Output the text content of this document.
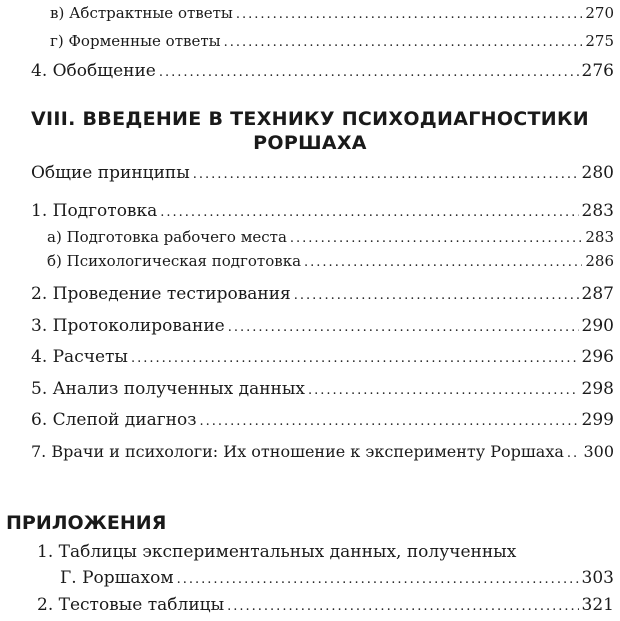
в) Абстрактные ответы .....	270
г) Форменные ответы .....	275
4. Обобщение .....	276
VIII. ВВЕДЕНИЕ В ТЕХНИКУ ПСИХОДИАГНОСТИКИ
РОРШАХА
Общие принципы .....	280
1. Подготовка .....	283
а) Подготовка рабочего места .....	283
б) Психологическая подготовка .....	286
2. Проведение тестирования .....	287
3. Протоколирование .....	290
4. Расчеты .....	296
5. Анализ полученных данных .....	298
6. Слепой диагноз .....	299
7. Врачи и психологи: Их отношение к эксперименту Роршаха ..... 300
ПРИЛОЖЕНИЯ
1. Таблицы экспериментальных данных, полученных
Г. Роршахом .....	303
2. Тестовые таблицы .....	321
